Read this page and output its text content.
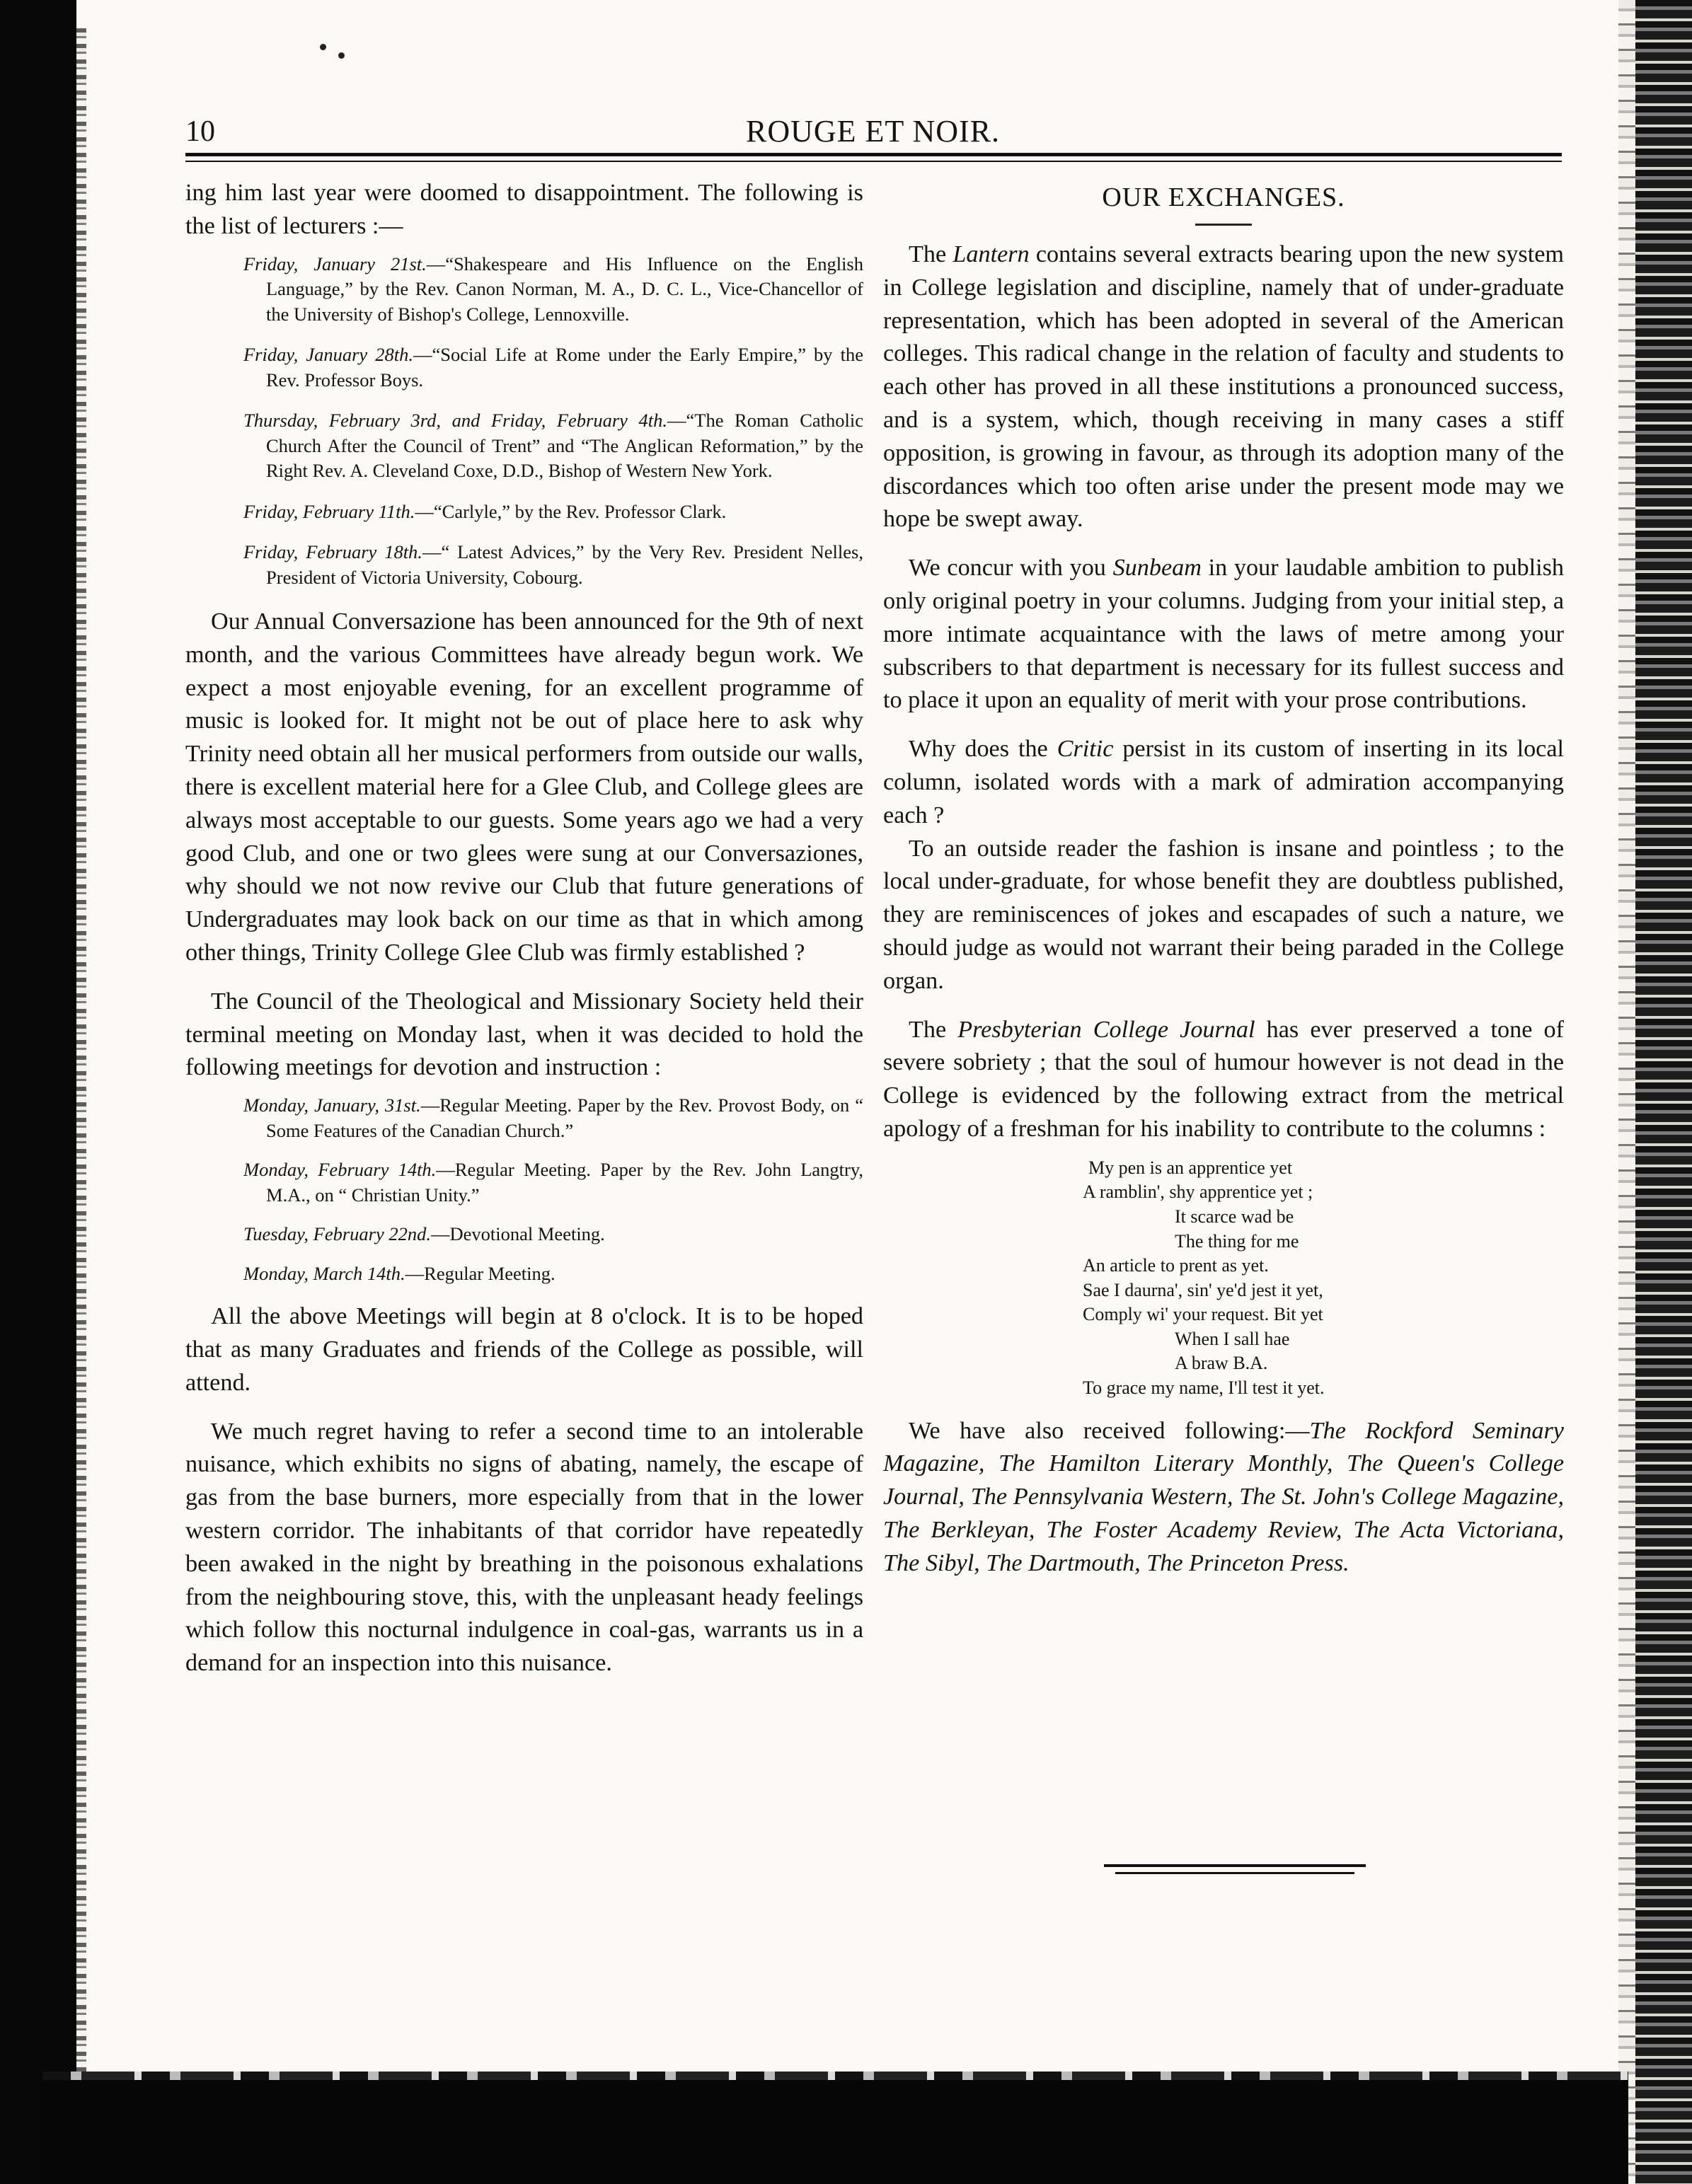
10	ROUGE ET NOIR.

ing him last year were doomed to disappointment. The following is the list of lecturers :—

Friday, January 21st.—“Shakespeare and His Influence on the English Language,” by the Rev. Canon Norman, M. A., D. C. L., Vice-Chancellor of the University of Bishop's College, Lennoxville.
Friday, January 28th.—“Social Life at Rome under the Early Empire,” by the Rev. Professor Boys.
Thursday, February 3rd, and Friday, February 4th.—“The Roman Catholic Church After the Council of Trent” and “The Anglican Reformation,” by the Right Rev. A. Cleveland Coxe, D.D., Bishop of Western New York.
Friday, February 11th.—“Carlyle,” by the Rev. Professor Clark.
Friday, February 18th.—“ Latest Advices,” by the Very Rev. President Nelles, President of Victoria University, Cobourg.

Our Annual Conversazione has been announced for the 9th of next month, and the various Committees have already begun work. We expect a most enjoyable evening, for an excellent programme of music is looked for. It might not be out of place here to ask why Trinity need obtain all her musical performers from outside our walls, there is excellent material here for a Glee Club, and College glees are always most acceptable to our guests. Some years ago we had a very good Club, and one or two glees were sung at our Conversaziones, why should we not now revive our Club that future generations of Undergraduates may look back on our time as that in which among other things, Trinity College Glee Club was firmly established ?

The Council of the Theological and Missionary Society held their terminal meeting on Monday last, when it was decided to hold the following meetings for devotion and instruction :

Monday, January, 31st.—Regular Meeting. Paper by the Rev. Provost Body, on “ Some Features of the Canadian Church.”
Monday, February 14th.—Regular Meeting. Paper by the Rev. John Langtry, M.A., on “ Christian Unity.”
Tuesday, February 22nd.—Devotional Meeting.
Monday, March 14th.—Regular Meeting.

All the above Meetings will begin at 8 o'clock. It is to be hoped that as many Graduates and friends of the College as possible, will attend.

We much regret having to refer a second time to an intolerable nuisance, which exhibits no signs of abating, namely, the escape of gas from the base burners, more especially from that in the lower western corridor. The inhabitants of that corridor have repeatedly been awaked in the night by breathing in the poisonous exhalations from the neighbouring stove, this, with the unpleasant heady feelings which follow this nocturnal indulgence in coal-gas, warrants us in a demand for an inspection into this nuisance.

OUR EXCHANGES.

The Lantern contains several extracts bearing upon the new system in College legislation and discipline, namely that of under-graduate representation, which has been adopted in several of the American colleges. This radical change in the relation of faculty and students to each other has proved in all these institutions a pronounced success, and is a system, which, though receiving in many cases a stiff opposition, is growing in favour, as through its adoption many of the discordances which too often arise under the present mode may we hope be swept away.

We concur with you Sunbeam in your laudable ambition to publish only original poetry in your columns. Judging from your initial step, a more intimate acquaintance with the laws of metre among your subscribers to that department is necessary for its fullest success and to place it upon an equality of merit with your prose contributions.

Why does the Critic persist in its custom of inserting in its local column, isolated words with a mark of admiration accompanying each ?

To an outside reader the fashion is insane and pointless ; to the local under-graduate, for whose benefit they are doubtless published, they are reminiscences of jokes and escapades of such a nature, we should judge as would not warrant their being paraded in the College organ.

The Presbyterian College Journal has ever preserved a tone of severe sobriety ; that the soul of humour however is not dead in the College is evidenced by the following extract from the metrical apology of a freshman for his inability to contribute to the columns :

My pen is an apprentice yet
A ramblin', shy apprentice yet ;
It scarce wad be
The thing for me
An article to prent as yet.
Sae I daurna', sin' ye'd jest it yet,
Comply wi' your request. Bit yet
When I sall hae
A braw B.A.
To grace my name, I'll test it yet.

We have also received following:—The Rockford Seminary Magazine, The Hamilton Literary Monthly, The Queen's College Journal, The Pennsylvania Western, The St. John's College Magazine, The Berkleyan, The Foster Academy Review, The Acta Victoriana, The Sibyl, The Dartmouth, The Princeton Press.
